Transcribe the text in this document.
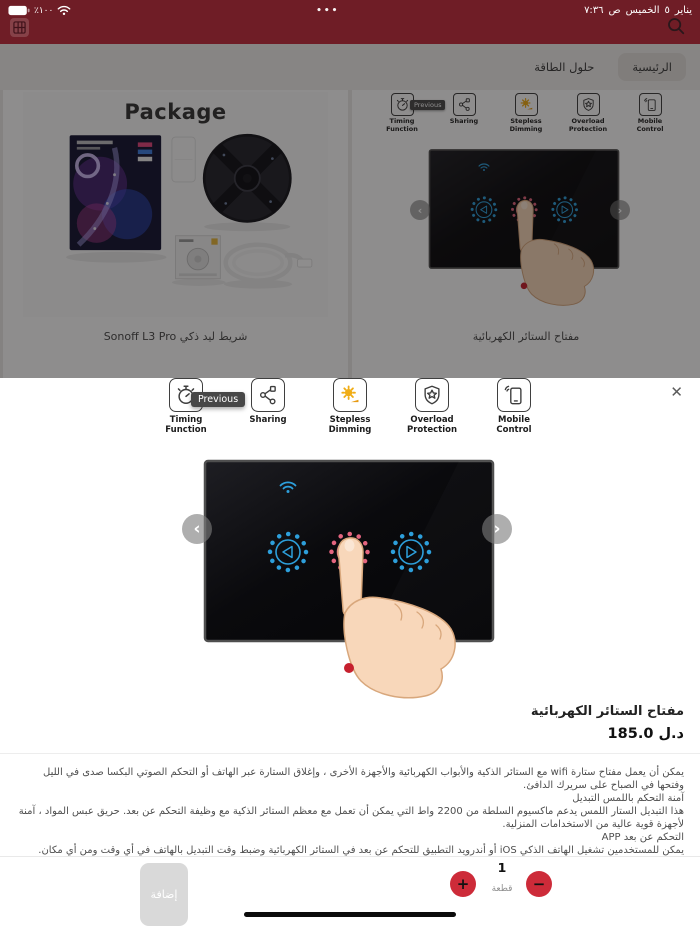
٪١٠٠	•••	٧:٣٦ ص الخميس ٥ يناير
الرئيسية
حلول الطاقة
Package
شريط ليد ذكي Sonoff L3 Pro
Timing Function
Sharing	Stepless Dimming
Overload Protection
Mobile Control
Previous
‹	›
مفتاح الستائر الكهربائية
✕
Timing Function
Sharing	Stepless Dimming
Overload Protection
Mobile Control
Previous
‹	›
مفتاح الستائر الكهربائية
185.0 د.ل

يمكن أن يعمل مفتاح ستارة wifi مع الستائر الذكية والأبواب الكهربائية والأجهزة الأخرى ، وإغلاق الستارة عبر الهاتف أو التحكم الصوتي البكسا صدى في الليل وفتحها في الصباح على سريرك الدافئ.

آمنة التحكم باللمس التبديل

هذا التبديل الستار اللمس يدعم ماكسيوم السلطة من 2200 واط التي يمكن أن تعمل مع معظم الستائر الذكية مع وظيفة التحكم عن بعد. حريق عبس المواد ، آمنة لأجهزة قوية عالية من الاستخدامات المنزلية.

التحكم عن بعد APP

يمكن للمستخدمين تشغيل الهاتف الذكي iOS أو أندرويد التطبيق للتحكم عن بعد في الستائر الكهربائية وضبط وقت التبديل بالهاتف في أي وقت ومن أي مكان.

إضافة
+
1
قطعة	−
